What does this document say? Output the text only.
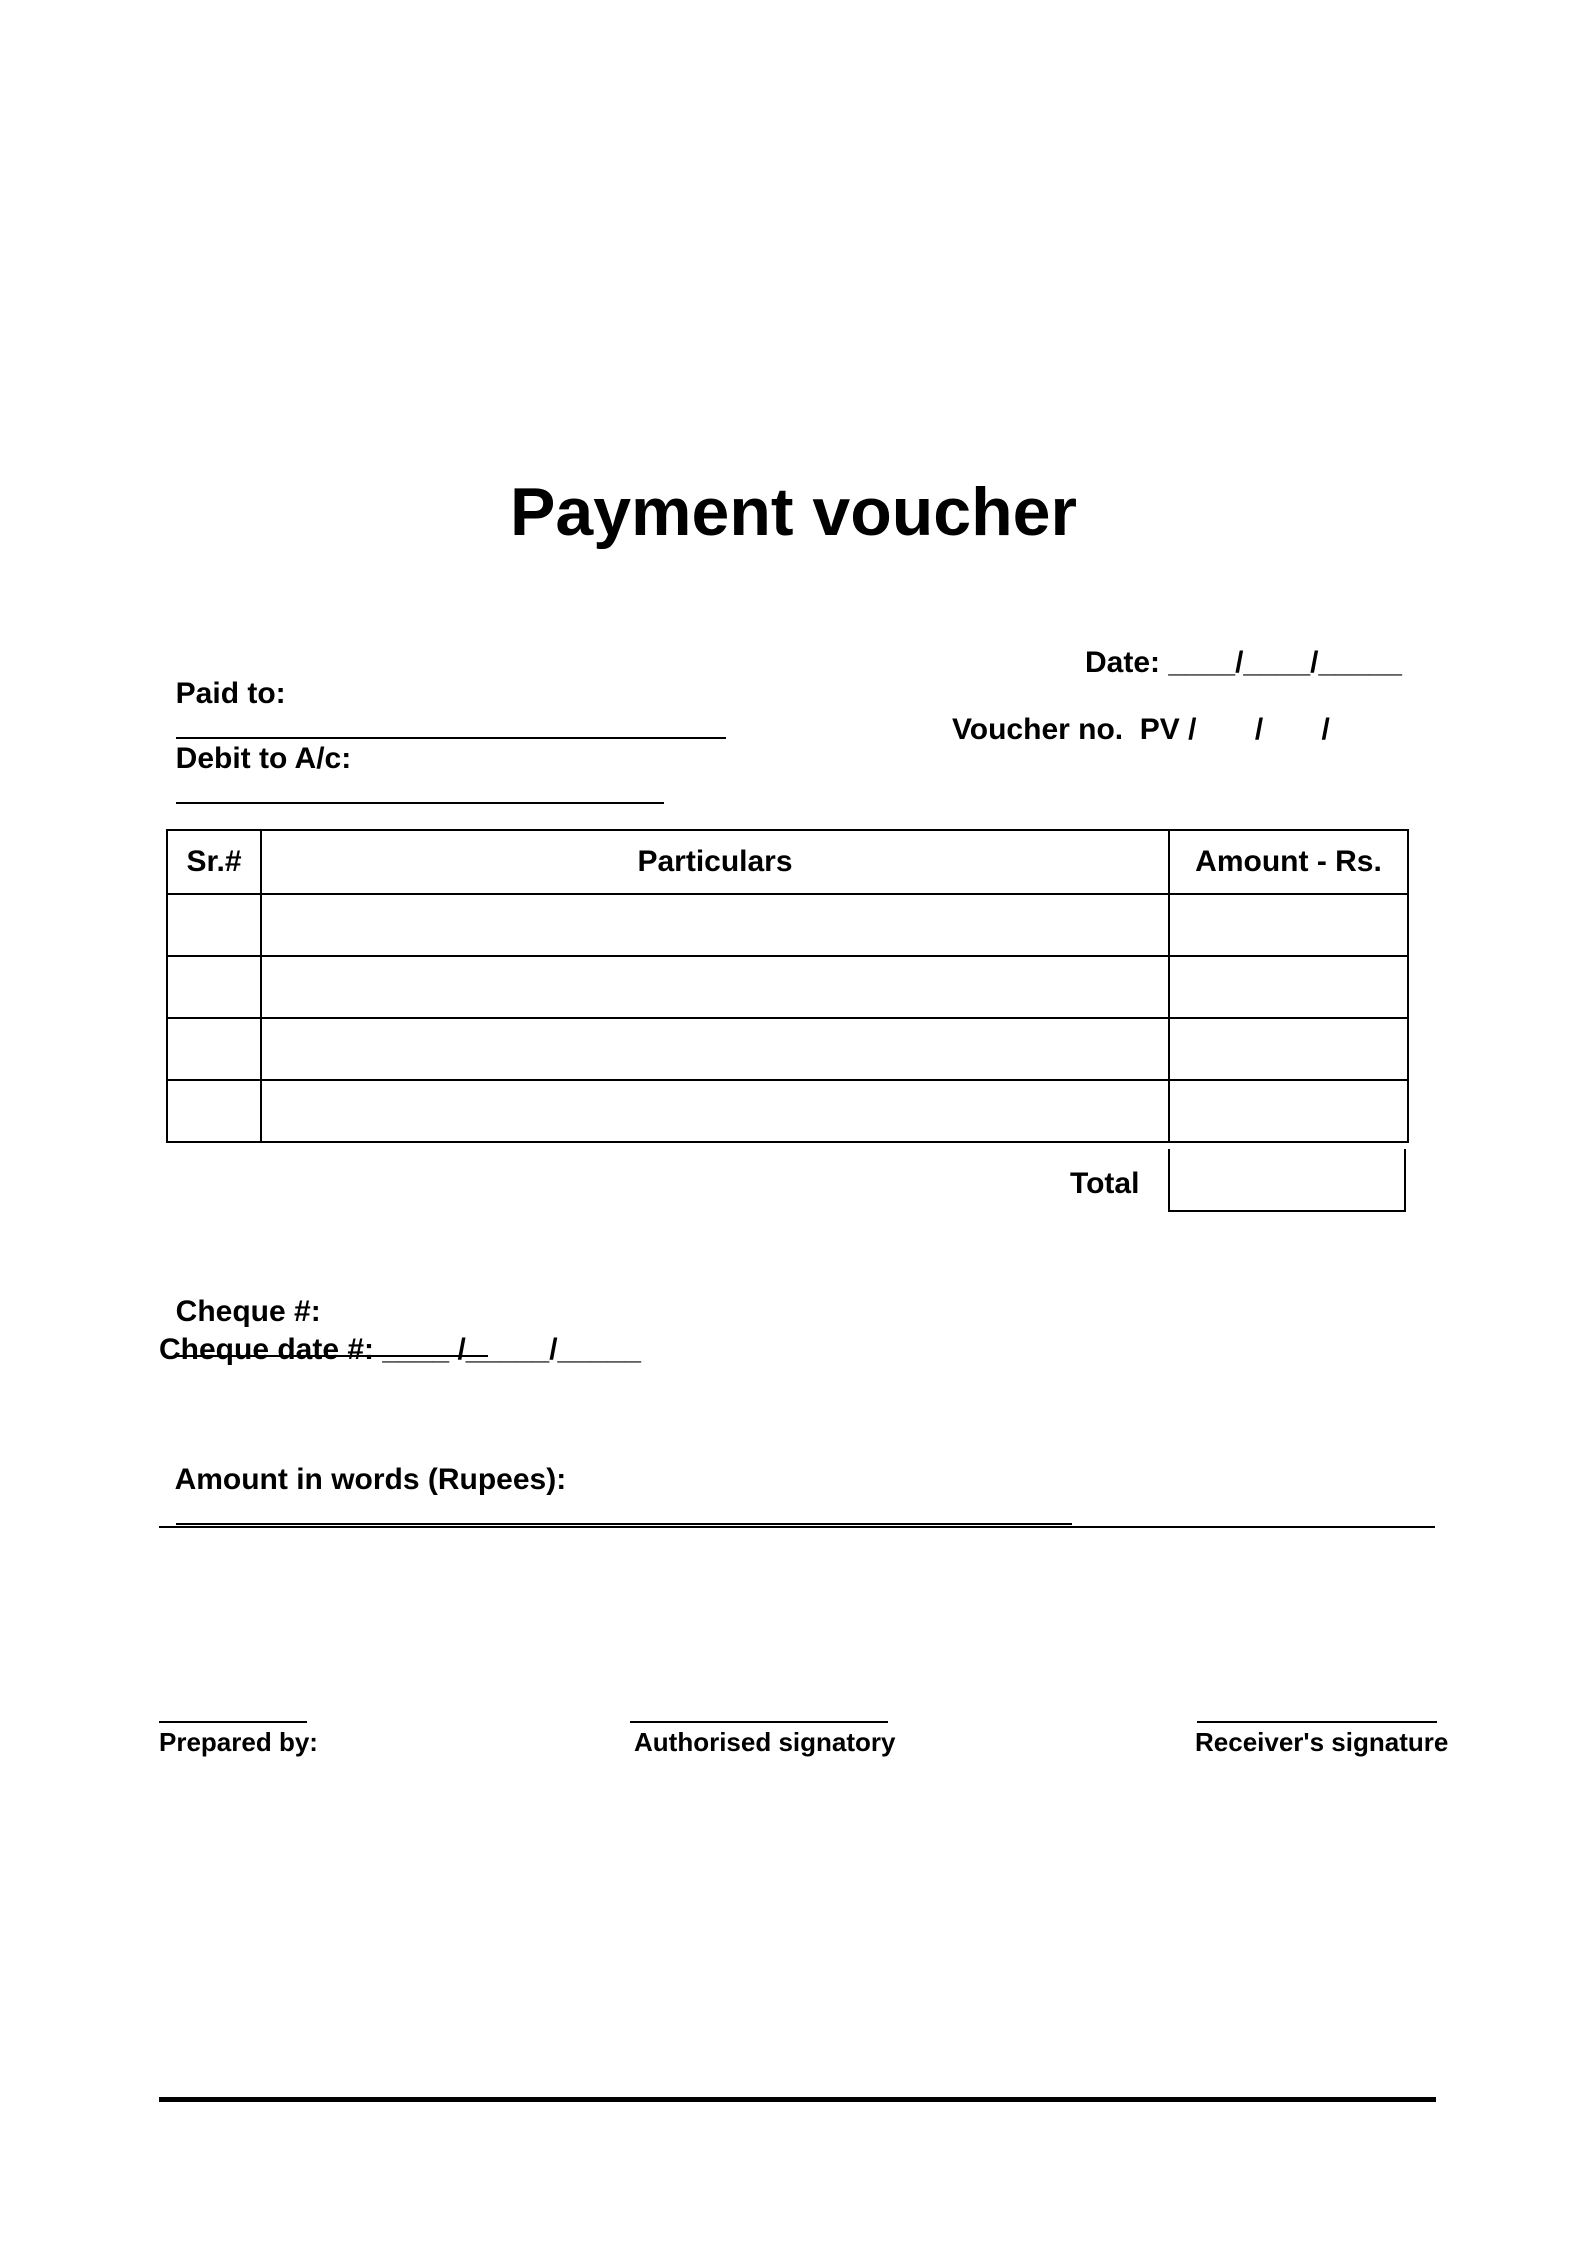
Payment voucher

Paid to:

Debit to A/c:

Date: ____/____/_____
Voucher no.  PV /       /       /
Sr.#	Particulars	Amount - Rs.

Total

Cheque #:

Cheque date #: ____ /_____/_____

Amount in words (Rupees):

Prepared by:	Authorised signatory	Receiver's signature
